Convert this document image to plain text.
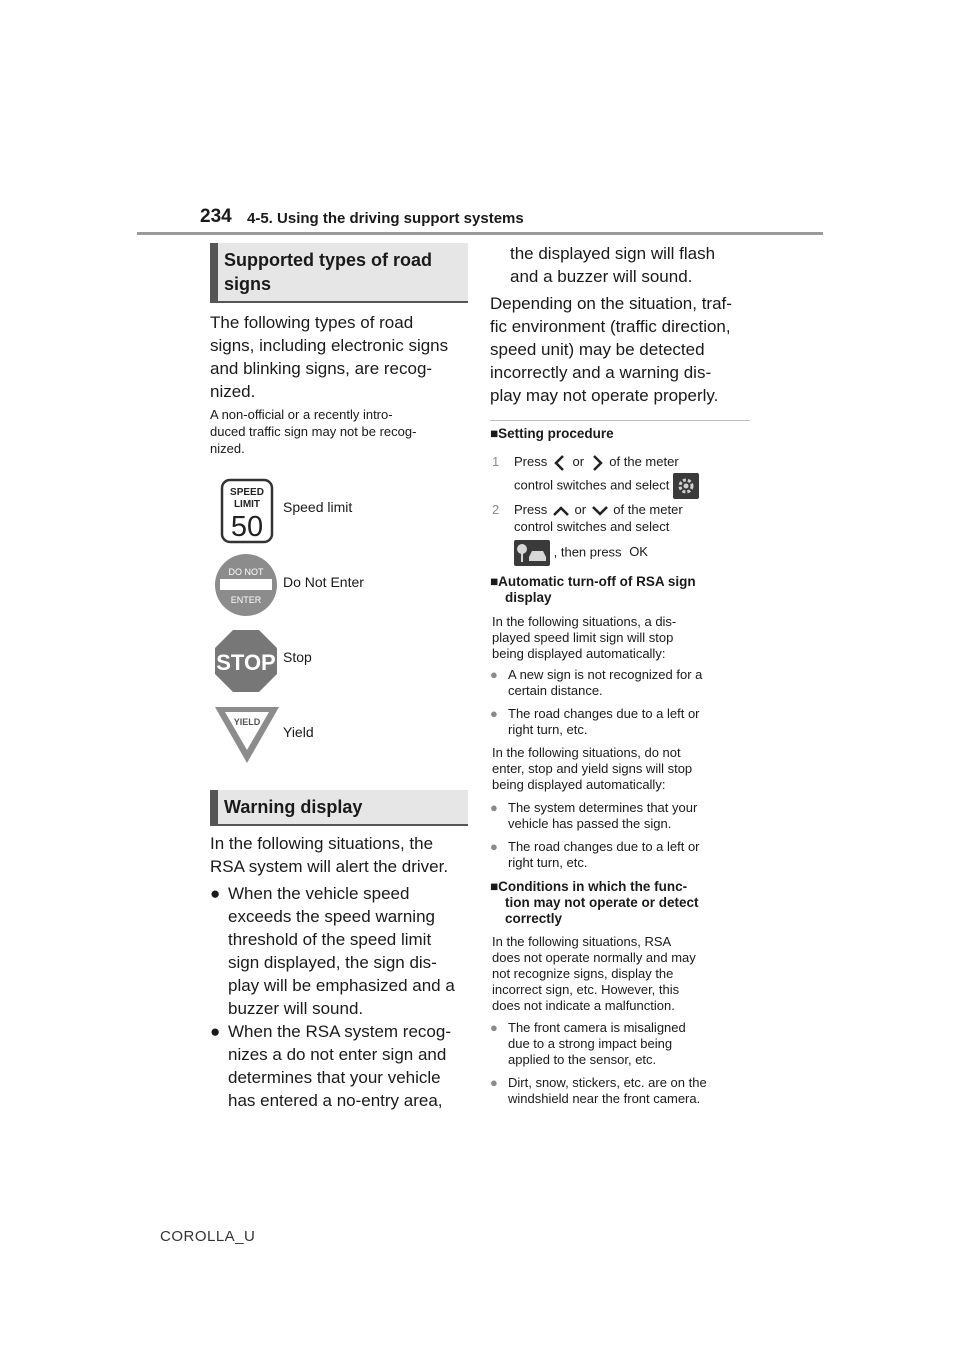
234 4-5. Using the driving support systems
Supported types of road
signs
The following types of road
signs, including electronic signs
and blinking signs, are recog-
nized.
A non-official or a recently intro-
duced traffic sign may not be recog-
nized.
SPEED
LIMIT
50
Speed limit
DO NOT
ENTER
Do Not Enter
STOP Stop
YIELD
Yield
Warning display
In the following situations, the
RSA system will alert the driver.
● When the vehicle speed
exceeds the speed warning
threshold of the speed limit
sign displayed, the sign dis-
play will be emphasized and a
buzzer will sound.
● When the RSA system recog-
nizes a do not enter sign and
determines that your vehicle
has entered a no-entry area,
the displayed sign will flash
and a buzzer will sound.
Depending on the situation, traf-
fic environment (traffic direction,
speed unit) may be detected
incorrectly and a warning dis-
play may not operate properly.
■Setting procedure
1 Press or of the meter
control switches and select
2 Press or of the meter
control switches and select
, then press OK
■Automatic turn-off of RSA sign
display
In the following situations, a dis-
played speed limit sign will stop
being displayed automatically:
● A new sign is not recognized for a
certain distance.
● The road changes due to a left or
right turn, etc.
In the following situations, do not
enter, stop and yield signs will stop
being displayed automatically:
● The system determines that your
vehicle has passed the sign.
● The road changes due to a left or
right turn, etc.
■Conditions in which the func-
tion may not operate or detect
correctly
In the following situations, RSA
does not operate normally and may
not recognize signs, display the
incorrect sign, etc. However, this
does not indicate a malfunction.
● The front camera is misaligned
due to a strong impact being
applied to the sensor, etc.
● Dirt, snow, stickers, etc. are on the
windshield near the front camera.
COROLLA_U
